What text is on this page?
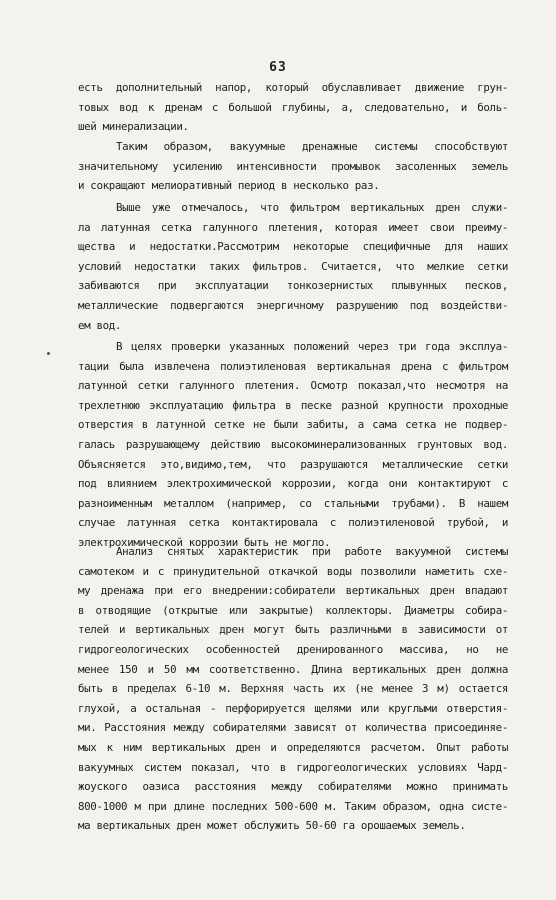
63
есть дополнительный напор, который обуславливает движение грун-
товых вод к дренам с большой глубины, а, следовательно, и боль-
шей минерализации.
Таким образом, вакуумные дренажные системы способствуют
значительному усилению интенсивности промывок засоленных земель
и сокращают мелиоративный период в несколько раз.
Выше уже отмечалось, что фильтром вертикальных дрен служи-
ла латунная сетка галунного плетения, которая имеет свои преиму-
щества и недостатки.Рассмотрим некоторые специфичные для наших
условий недостатки таких фильтров. Считается, что мелкие сетки
забиваются при эксплуатации тонкозернистых плывунных песков,
металлические подвергаются энергичному разрушению под воздействи-
ем вод.
В целях проверки указанных положений через три года эксплуа-
тации была извлечена полиэтиленовая вертикальная дрена с фильтром
латунной сетки галунного плетения. Осмотр показал,что несмотря на
трехлетнюю эксплуатацию фильтра в песке разной крупности проходные
отверстия в латунной сетке не были забиты, а сама сетка не подвер-
галась разрушающему действию высокоминерализованных грунтовых вод.
Объясняется это,видимо,тем, что разрушаются металлические сетки
под влиянием электрохимической коррозии, когда они контактируют с
разноименным металлом (например, со стальными трубами). В нашем
случае латунная сетка контактировала с полиэтиленовой трубой, и
электрохимической коррозии быть не могло.
Анализ снятых характеристик при работе вакуумной системы
самотеком и с принудительной откачкой воды позволили наметить схе-
му дренажа при его внедрении:собиратели вертикальных дрен впадают
в отводящие (открытые или закрытые) коллекторы. Диаметры собира-
телей и вертикальных дрен могут быть различными в зависимости от
гидрогеологических особенностей дренированного массива, но не
менее 150 и 50 мм соответственно. Длина вертикальных дрен должна
быть в пределах 6-10 м. Верхняя часть их (не менее 3 м) остается
глухой, а остальная - перфорируется щелями или круглыми отверстия-
ми. Расстояния между собирателями зависят от количества присоединяе-
мых к ним вертикальных дрен и определяются расчетом. Опыт работы
вакуумных систем показал, что в гидрогеологических условиях Чард-
жоуского оазиса расстояния между собирателями можно принимать
800-1000 м при длине последних 500-600 м. Таким образом, одна систе-
ма вертикальных дрен может обслужить 50-60 га орошаемых земель.
